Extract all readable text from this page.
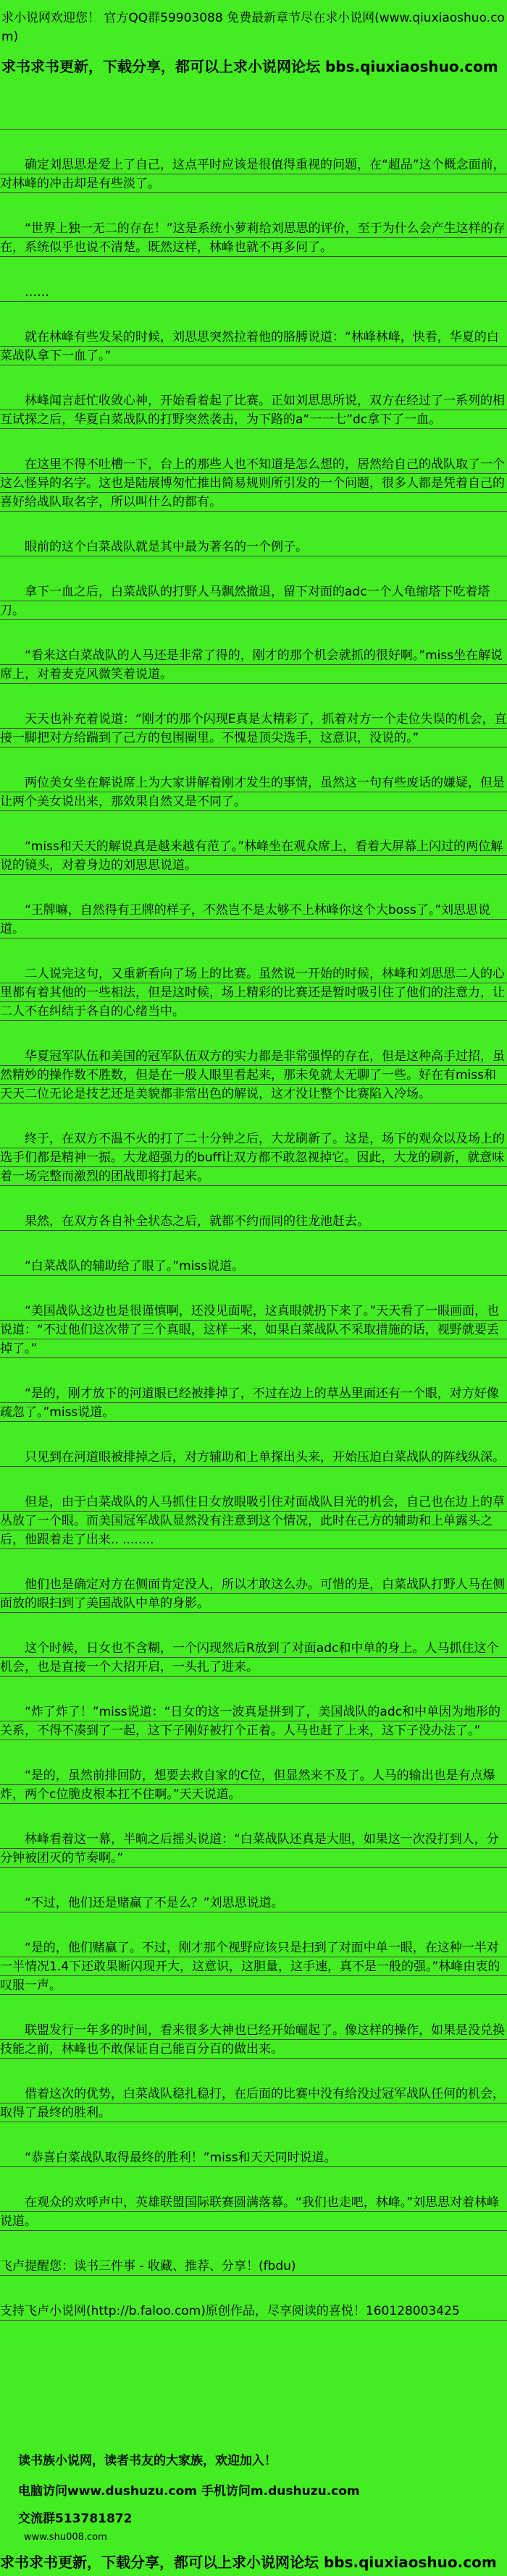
求小说网欢迎您！ 官方QQ群59903088 免费最新章节尽在求小说网(www.qiuxiaoshuo.com)
求书求书更新，下载分享，都可以上求小说网论坛 bbs.qiuxiaoshuo.com
确定刘思思是爱上了自己，这点平时应该是很值得重视的问题，在“超品”这个概念面前，对林峰的冲击却是有些淡了。
“世界上独一无二的存在！”这是系统小萝莉给刘思思的评价，至于为什么会产生这样的存在，系统似乎也说不清楚。既然这样，林峰也就不再多问了。
……
就在林峰有些发呆的时候，刘思思突然拉着他的胳膊说道：“林峰林峰，快看，华夏的白菜战队拿下一血了。”
林峰闻言赶忙收敛心神，开始看着起了比赛。正如刘思思所说，双方在经过了一系列的相互试探之后，华夏白菜战队的打野突然袭击，为下路的a“一一七”dc拿下了一血。
在这里不得不吐槽一下，台上的那些人也不知道是怎么想的，居然给自己的战队取了一个这么怪异的名字。这也是陆展博匆忙推出简易规则所引发的一个问题，很多人都是凭着自己的喜好给战队取名字，所以叫什么的都有。
眼前的这个白菜战队就是其中最为著名的一个例子。
拿下一血之后，白菜战队的打野人马飘然撤退，留下对面的adc一个人龟缩塔下吃着塔刀。
“看来这白菜战队的人马还是非常了得的，刚才的那个机会就抓的很好啊。”miss坐在解说席上，对着麦克风微笑着说道。
天天也补充着说道：“刚才的那个闪现E真是太精彩了，抓着对方一个走位失误的机会，直接一脚把对方给踹到了己方的包围圈里。不愧是顶尖选手，这意识，没说的。”
两位美女坐在解说席上为大家讲解着刚才发生的事情，虽然这一句有些废话的嫌疑，但是让两个美女说出来，那效果自然又是不同了。
“miss和天天的解说真是越来越有范了。”林峰坐在观众席上，看着大屏幕上闪过的两位解说的镜头，对着身边的刘思思说道。
“王牌嘛，自然得有王牌的样子，不然岂不是太够不上林峰你这个大boss了。”刘思思说道。
二人说完这句，又重新看向了场上的比赛。虽然说一开始的时候，林峰和刘思思二人的心里都有着其他的一些相法，但是这时候，场上精彩的比赛还是暂时吸引住了他们的注意力，让二人不在纠结于各自的心绪当中。
华夏冠军队伍和美国的冠军队伍双方的实力都是非常强悍的存在，但是这种高手过招，虽然精妙的操作数不胜数，但是在一般人眼里看起来，那未免就太无聊了一些。好在有miss和天天二位无论是技艺还是美貌都非常出色的解说，这才没让整个比赛陷入冷场。
终于，在双方不温不火的打了二十分钟之后，大龙刷新了。这是，场下的观众以及场上的选手们都是精神一振。大龙超强力的buff让双方都不敢忽视掉它。因此，大龙的刷新，就意味着一场完整而激烈的团战即将打起来。
果然，在双方各自补全状态之后，就都不约而同的往龙池赶去。
“白菜战队的辅助给了眼了。”miss说道。
“美国战队这边也是很谨慎啊，还没见面呢，这真眼就扔下来了。”天天看了一眼画面，也说道：“不过他们这次带了三个真眼，这样一来，如果白菜战队不采取措施的话，视野就要丢掉了。”
“是的，刚才放下的河道眼已经被排掉了，不过在边上的草丛里面还有一个眼，对方好像疏忽了。”miss说道。
只见到在河道眼被排掉之后，对方辅助和上单探出头来，开始压迫白菜战队的阵线纵深。
但是，由于白菜战队的人马抓住日女放眼吸引住对面战队目光的机会，自己也在边上的草丛放了一个眼。而美国冠军战队显然没有注意到这个情况，此时在己方的辅助和上单露头之后，他跟着走了出来.. ........
他们也是确定对方在侧面肯定没人，所以才敢这么办。可惜的是，白菜战队打野人马在侧面放的眼扫到了美国战队中单的身影。
这个时候，日女也不含糊，一个闪现然后R放到了对面adc和中单的身上。人马抓住这个机会，也是直接一个大招开启，一头扎了进来。
“炸了炸了！”miss说道：“日女的这一波真是拼到了，美国战队的adc和中单因为地形的关系，不得不凑到了一起，这下子刚好被打个正着。人马也赶了上来，这下子没办法了。”
“是的，虽然前排回防，想要去救自家的C位，但显然来不及了。人马的输出也是有点爆炸，两个c位脆皮根本扛不住啊。”天天说道。
林峰看着这一幕，半晌之后摇头说道：“白菜战队还真是大胆，如果这一次没打到人，分分钟被团灭的节奏啊。”
“不过，他们还是赌赢了不是么？”刘思思说道。
“是的，他们赌赢了。不过，刚才那个视野应该只是扫到了对面中单一眼，在这种一半对一半情况1.4下还敢果断闪现开大，这意识，这胆量，这手速，真不是一般的强。”林峰由衷的叹服一声。
联盟发行一年多的时间，看来很多大神也已经开始崛起了。像这样的操作，如果是没兑换技能之前，林峰也不敢保证自己能百分百的做出来。
借着这次的优势，白菜战队稳扎稳打，在后面的比赛中没有给没过冠军战队任何的机会，取得了最终的胜利。
“恭喜白菜战队取得最终的胜利！”miss和天天同时说道。
在观众的欢呼声中，英雄联盟国际联赛圆满落幕。“我们也走吧，林峰。”刘思思对着林峰说道。
飞卢提醒您：读书三件事 - 收藏、推荐、分享！(fbdu)
支持飞卢小说网(http://b.faloo.com)原创作品，尽享阅读的喜悦！160128003425
读书族小说网，读者书友的大家族，欢迎加入！
电脑访问www.dushuzu.com 手机访问m.dushuzu.com
交流群513781872
www.shu008.com
求书求书更新，下载分享，都可以上求小说网论坛 bbs.qiuxiaoshuo.com
